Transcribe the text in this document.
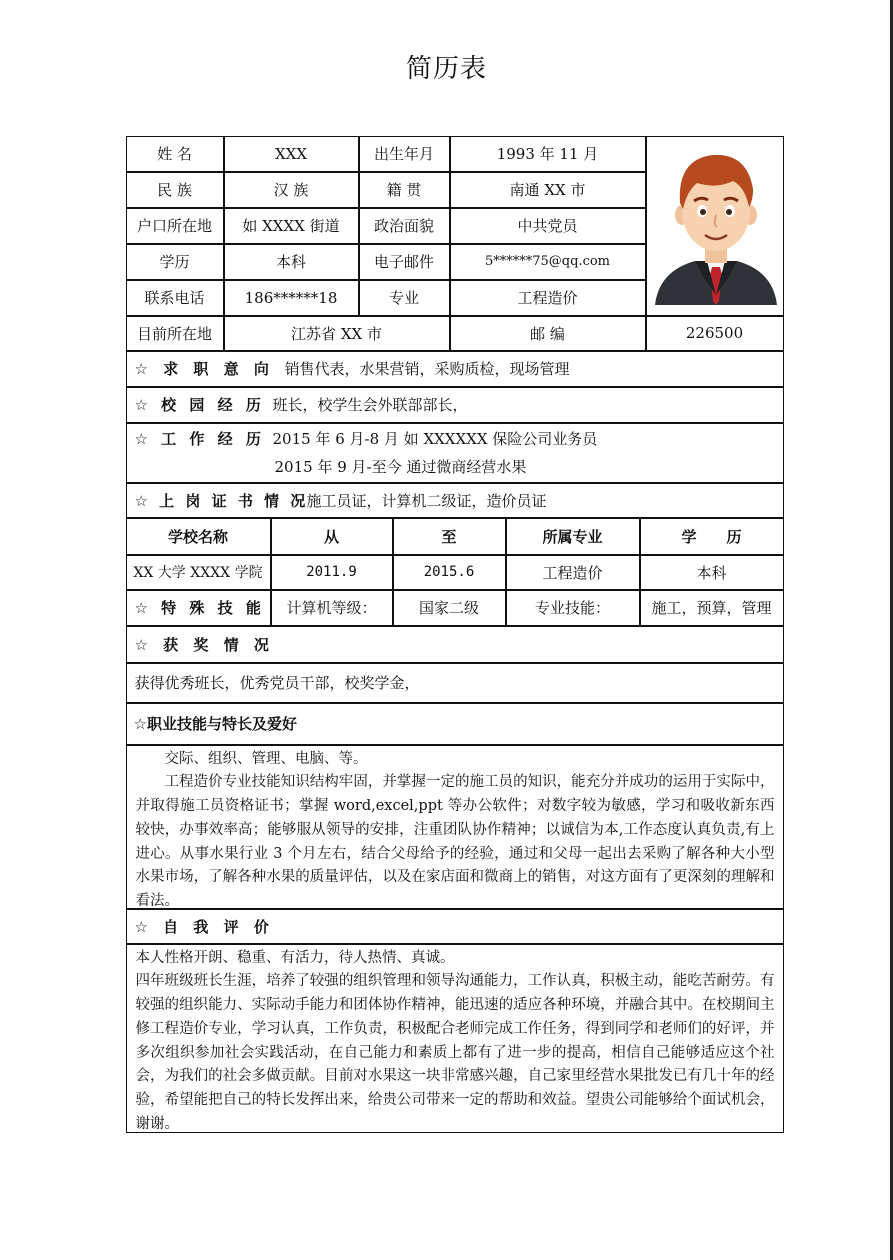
简历表
姓 名	XXX	出生年月	1993 年 11 月
民 族	汉 族	籍 贯	南通 XX 市
户口所在地	如 XXXX 街道	政治面貌	中共党员
学历	本科	电子邮件	5******75@qq.com
联系电话	186******18	专业	工程造价
目前所在地	江苏省 XX 市	邮 编	226500
☆ 求 职 意 向 销售代表，水果营销，采购质检，现场管理
☆ 校 园 经 历 班长，校学生会外联部部长，
☆ 工 作 经 历 2015 年 6 月-8 月 如 XXXXXX 保险公司业务员
2015 年 9 月-至今 通过微商经营水果
☆ 上 岗 证 书 情 况
施工员证，计算机二级证，造价员证
学校名称	从	至	所属专业	学　　历
XX 大学 XXXX 学院	2011.9	2015.6	工程造价	本科
☆ 特 殊 技 能	计算机等级：	国家二级	专业技能：	施工，预算，管理
☆ 获 奖 情 况
获得优秀班长，优秀党员干部，校奖学金，
☆职业技能与特长及爱好

交际、组织、管理、电脑、等。

工程造价专业技能知识结构牢固，并掌握一定的施工员的知识，能充分并成功的运用于实际中，并取得施工员资格证书；掌握 word,excel,ppt 等办公软件；对数字较为敏感，学习和吸收新东西较快，办事效率高；能够服从领导的安排，注重团队协作精神；以诚信为本,工作态度认真负责,有上进心。从事水果行业 3 个月左右，结合父母给予的经验，通过和父母一起出去采购了解各种大小型水果市场，了解各种水果的质量评估，以及在家店面和微商上的销售，对这方面有了更深刻的理解和看法。

☆ 自 我 评 价

本人性格开朗、稳重、有活力，待人热情、真诚。

四年班级班长生涯，培养了较强的组织管理和领导沟通能力，工作认真，积极主动，能吃苦耐劳。有较强的组织能力、实际动手能力和团体协作精神，能迅速的适应各种环境，并融合其中。在校期间主修工程造价专业，学习认真，工作负责，积极配合老师完成工作任务，得到同学和老师们的好评，并多次组织参加社会实践活动，在自己能力和素质上都有了进一步的提高，相信自己能够适应这个社会，为我们的社会多做贡献。目前对水果这一块非常感兴趣，自己家里经营水果批发已有几十年的经验，希望能把自己的特长发挥出来，给贵公司带来一定的帮助和效益。望贵公司能够给个面试机会，谢谢。
